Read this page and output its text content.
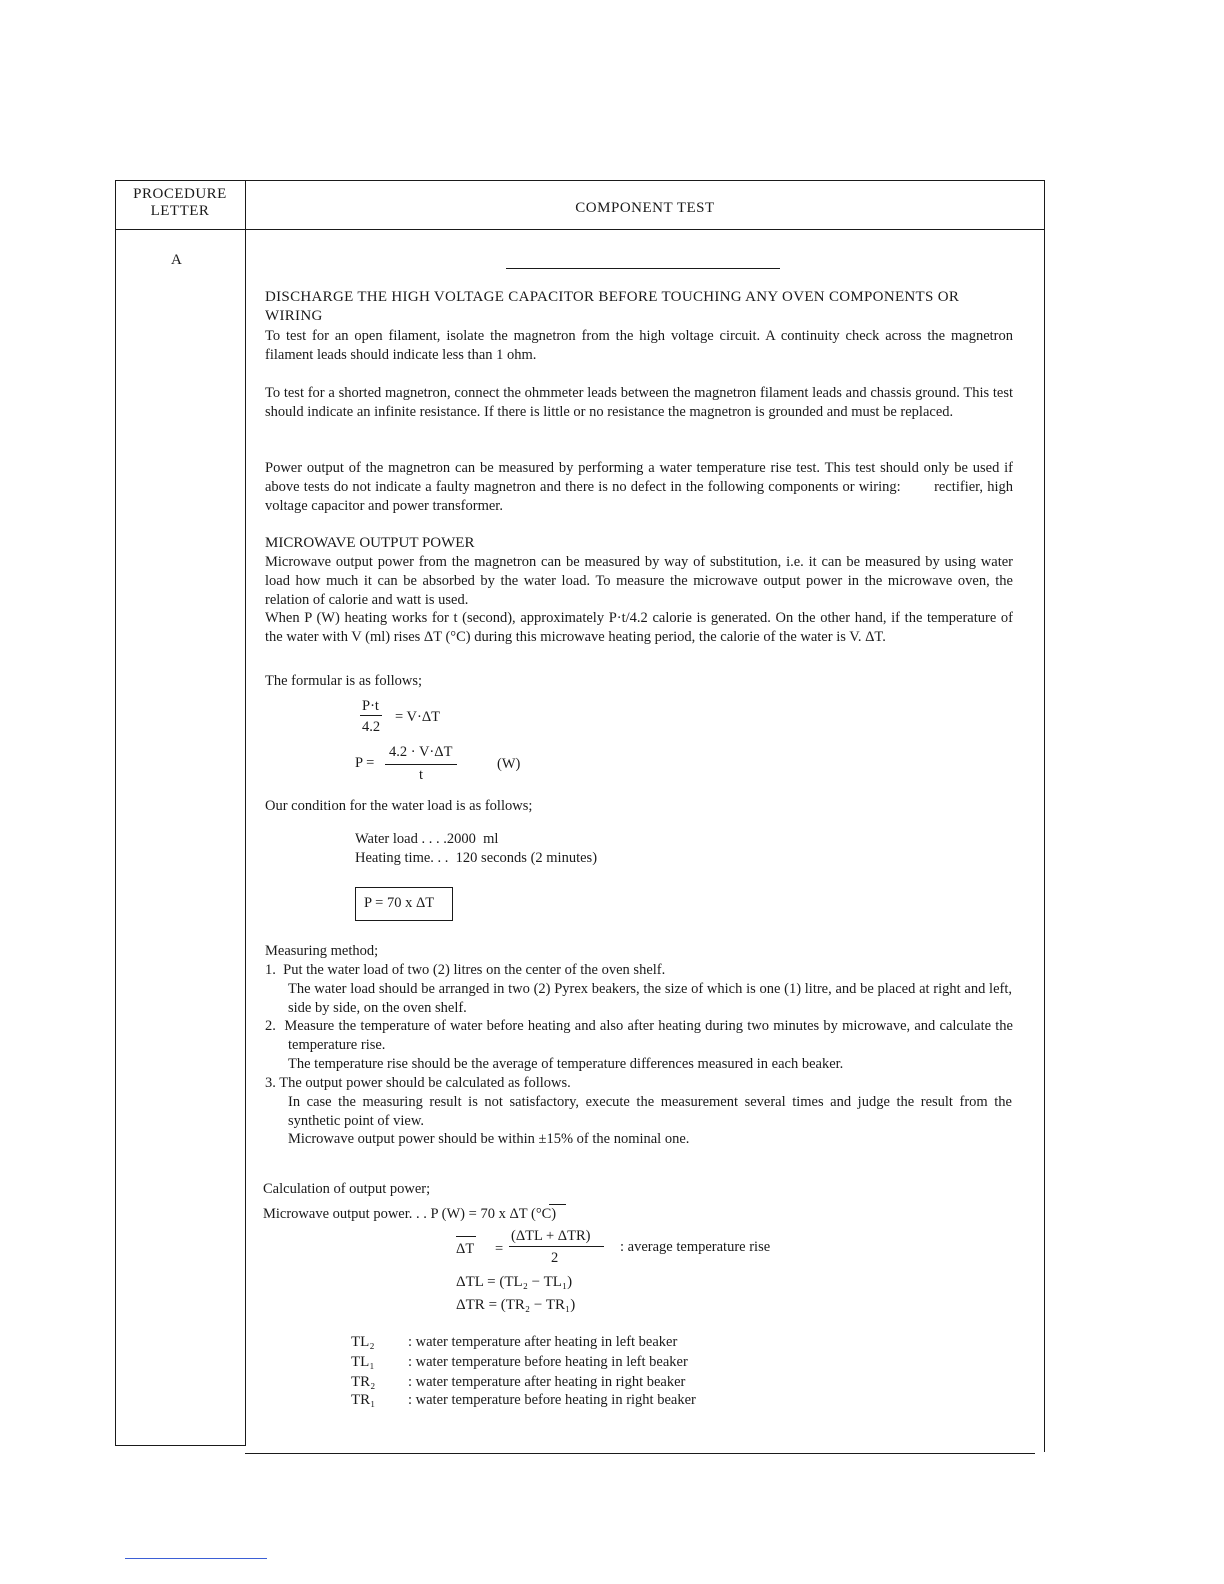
PROCEDURE
LETTER	COMPONENT TEST
A
DISCHARGE THE HIGH VOLTAGE CAPACITOR BEFORE TOUCHING ANY OVEN COMPONENTS OR
WIRING
To test for an open filament, isolate the magnetron from the high voltage circuit. A continuity check across the magnetron filament leads should indicate less than 1 ohm.
To test for a shorted magnetron, connect the ohmmeter leads between the magnetron filament leads and chassis ground. This test should indicate an infinite resistance. If there is little or no resistance the magnetron is grounded and must be replaced.
Power output of the magnetron can be measured by performing a water temperature rise test. This test should only be used if above tests do not indicate a faulty magnetron and there is no defect in the following components or wiring:        rectifier, high voltage capacitor and power transformer.
MICROWAVE OUTPUT POWER
Microwave output power from the magnetron can be measured by way of substitution, i.e. it can be measured by using water load how much it can be absorbed by the water load. To measure the microwave output power in the microwave oven, the relation of calorie and watt is used.
When P (W) heating works for t (second), approximately P·t/4.2 calorie is generated. On the other hand, if the temperature of the water with V (ml) rises ΔT (°C) during this microwave heating period, the calorie of the water is V. ΔT.
The formular is as follows;
P·t
4.2
= V·ΔT
P =
4.2 · V·ΔT
t
(W)
Our condition for the water load is as follows;
Water load . . . .2000  ml
Heating time. . .  120 seconds (2 minutes)
P = 70 x ΔT
Measuring method;
1.  Put the water load of two (2) litres on the center of the oven shelf.
The water load should be arranged in two (2) Pyrex beakers, the size of which is one (1) litre, and be placed at right and left, side by side, on the oven shelf.
2.  Measure the temperature of water before heating and also after heating during two minutes by microwave, and calculate the temperature rise.
The temperature rise should be the average of temperature differences measured in each beaker.
3. The output power should be calculated as follows.
In case the measuring result is not satisfactory, execute the measurement several times and judge the result from the synthetic point of view.
Microwave output power should be within ±15% of the nominal one.
Calculation of output power;
Microwave output power. . . P (W) = 70 x ΔT (°C)
ΔT =
(ΔTL + ΔTR)
2
: average temperature rise
ΔTL = (TL₂ − TL₁)
ΔTR = (TR₂ − TR₁)
TL₂ : water temperature after heating in left beaker
TL₁ : water temperature before heating in left beaker
TR₂ : water temperature after heating in right beaker
TR₁ : water temperature before heating in right beaker
